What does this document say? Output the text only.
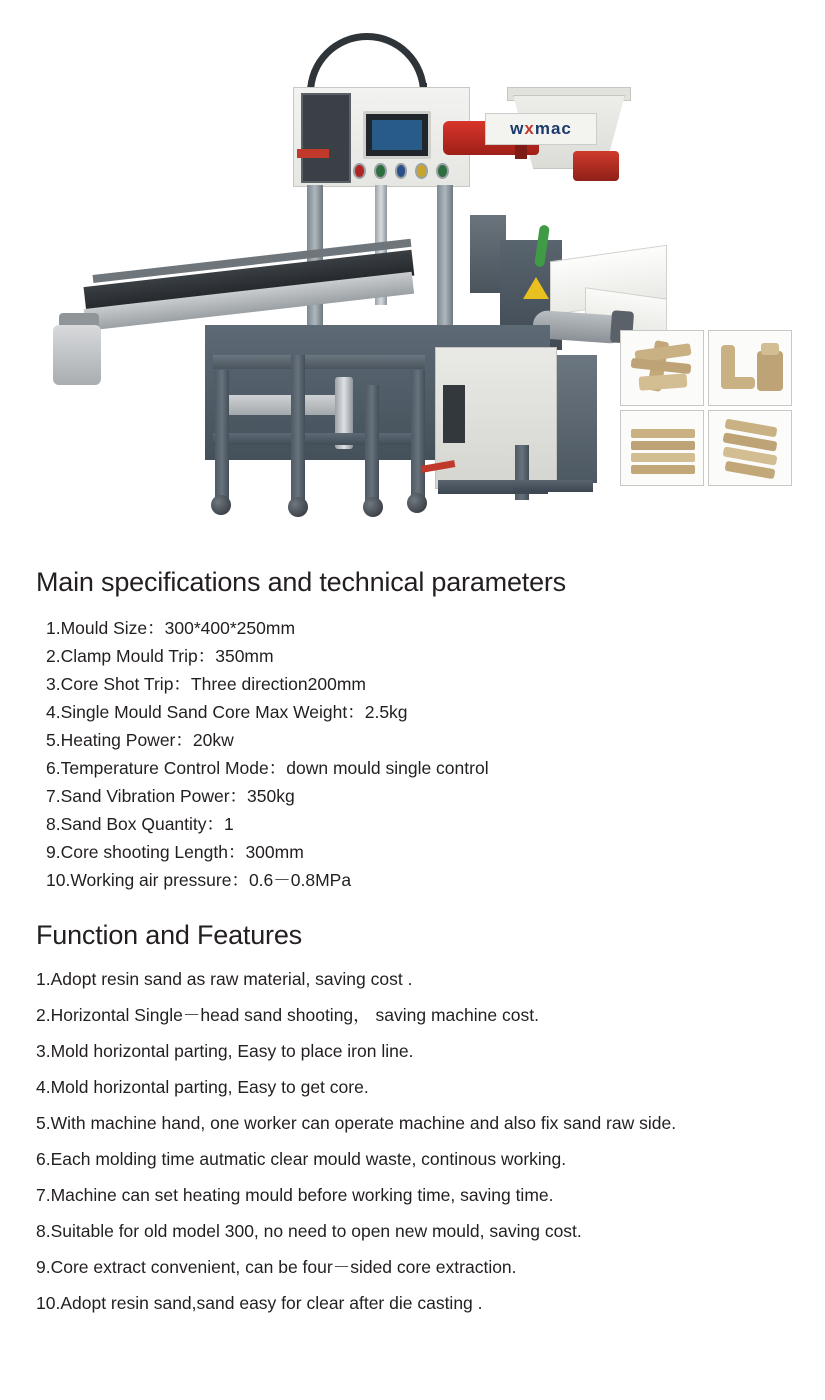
wxmac
Main specifications and technical parameters
1.Mould Size：300*400*250mm
2.Clamp Mould Trip：350mm
3.Core Shot Trip：Three direction200mm
4.Single Mould Sand Core Max Weight：2.5kg
5.Heating Power：20kw
6.Temperature Control Mode：down mould single control
7.Sand Vibration Power：350kg
8.Sand Box Quantity：1
9.Core shooting Length：300mm
10.Working air pressure：0.6－0.8MPa
Function and Features
1.Adopt resin sand as raw material, saving cost .
2.Horizontal Single－head sand shooting， saving machine cost.
3.Mold horizontal parting, Easy to place iron line.
4.Mold horizontal parting, Easy to get core.
5.With machine hand, one worker can operate machine and also fix sand raw side.
6.Each molding time autmatic clear mould waste, continous working.
7.Machine can set heating mould before working time, saving time.
8.Suitable for old model 300, no need to open new mould, saving cost.
9.Core extract convenient, can be four－sided core extraction.
10.Adopt resin sand,sand easy for clear after die casting .
